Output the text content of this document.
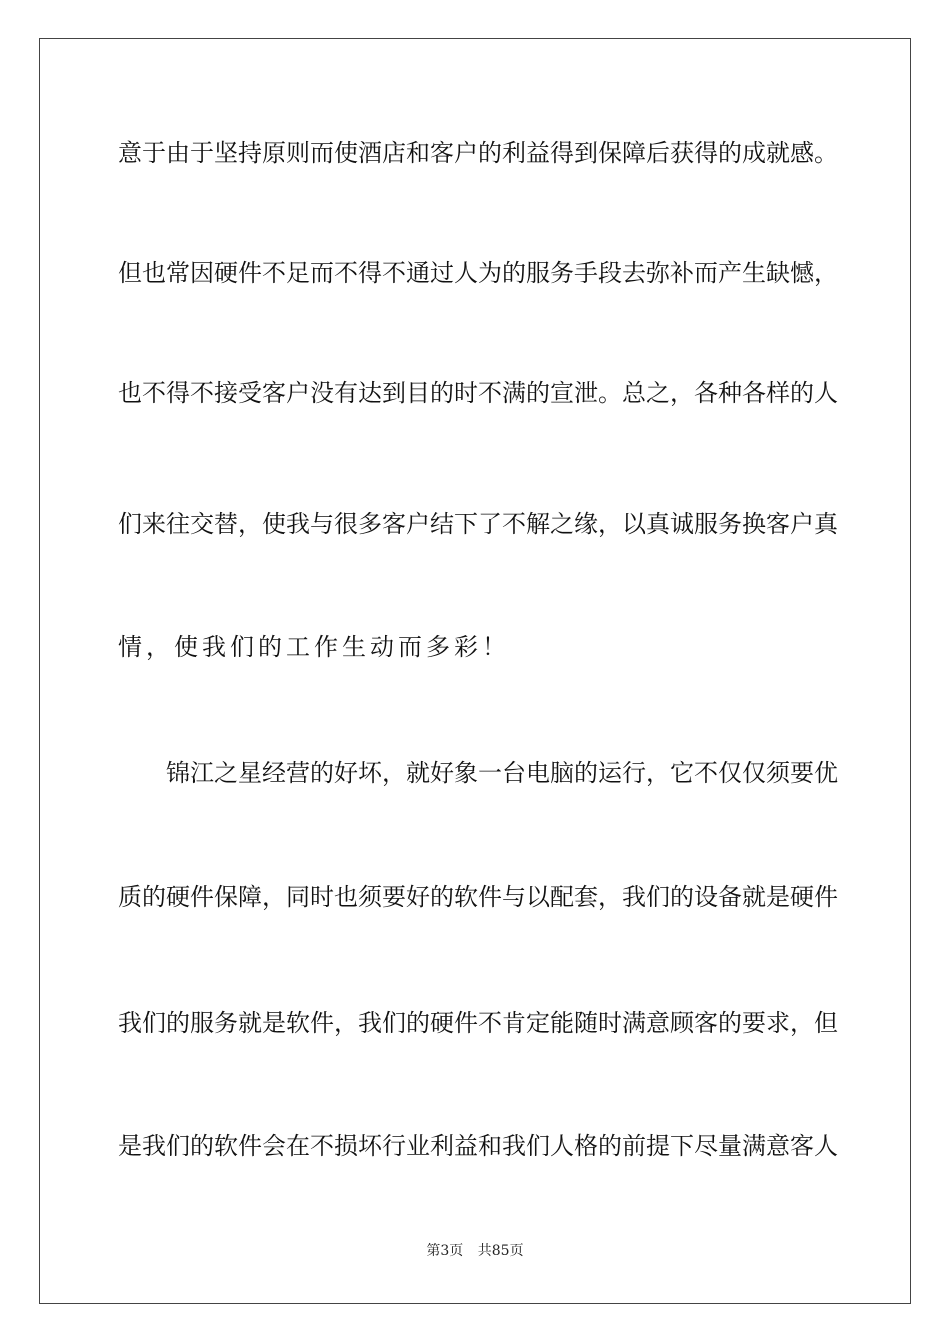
意于由于坚持原则而使酒店和客户的利益得到保障后获得的成就感。
但也常因硬件不足而不得不通过人为的服务手段去弥补而产生缺憾，
也不得不接受客户没有达到目的时不满的宣泄。总之，各种各样的人
们来往交替，使我与很多客户结下了不解之缘，以真诚服务换客户真
情，使我们的工作生动而多彩！
锦江之星经营的好坏，就好象一台电脑的运行，它不仅仅须要优
质的硬件保障，同时也须要好的软件与以配套，我们的设备就是硬件
我们的服务就是软件，我们的硬件不肯定能随时满意顾客的要求，但
是我们的软件会在不损坏行业利益和我们人格的前提下尽量满意客人
第3页 共85页
